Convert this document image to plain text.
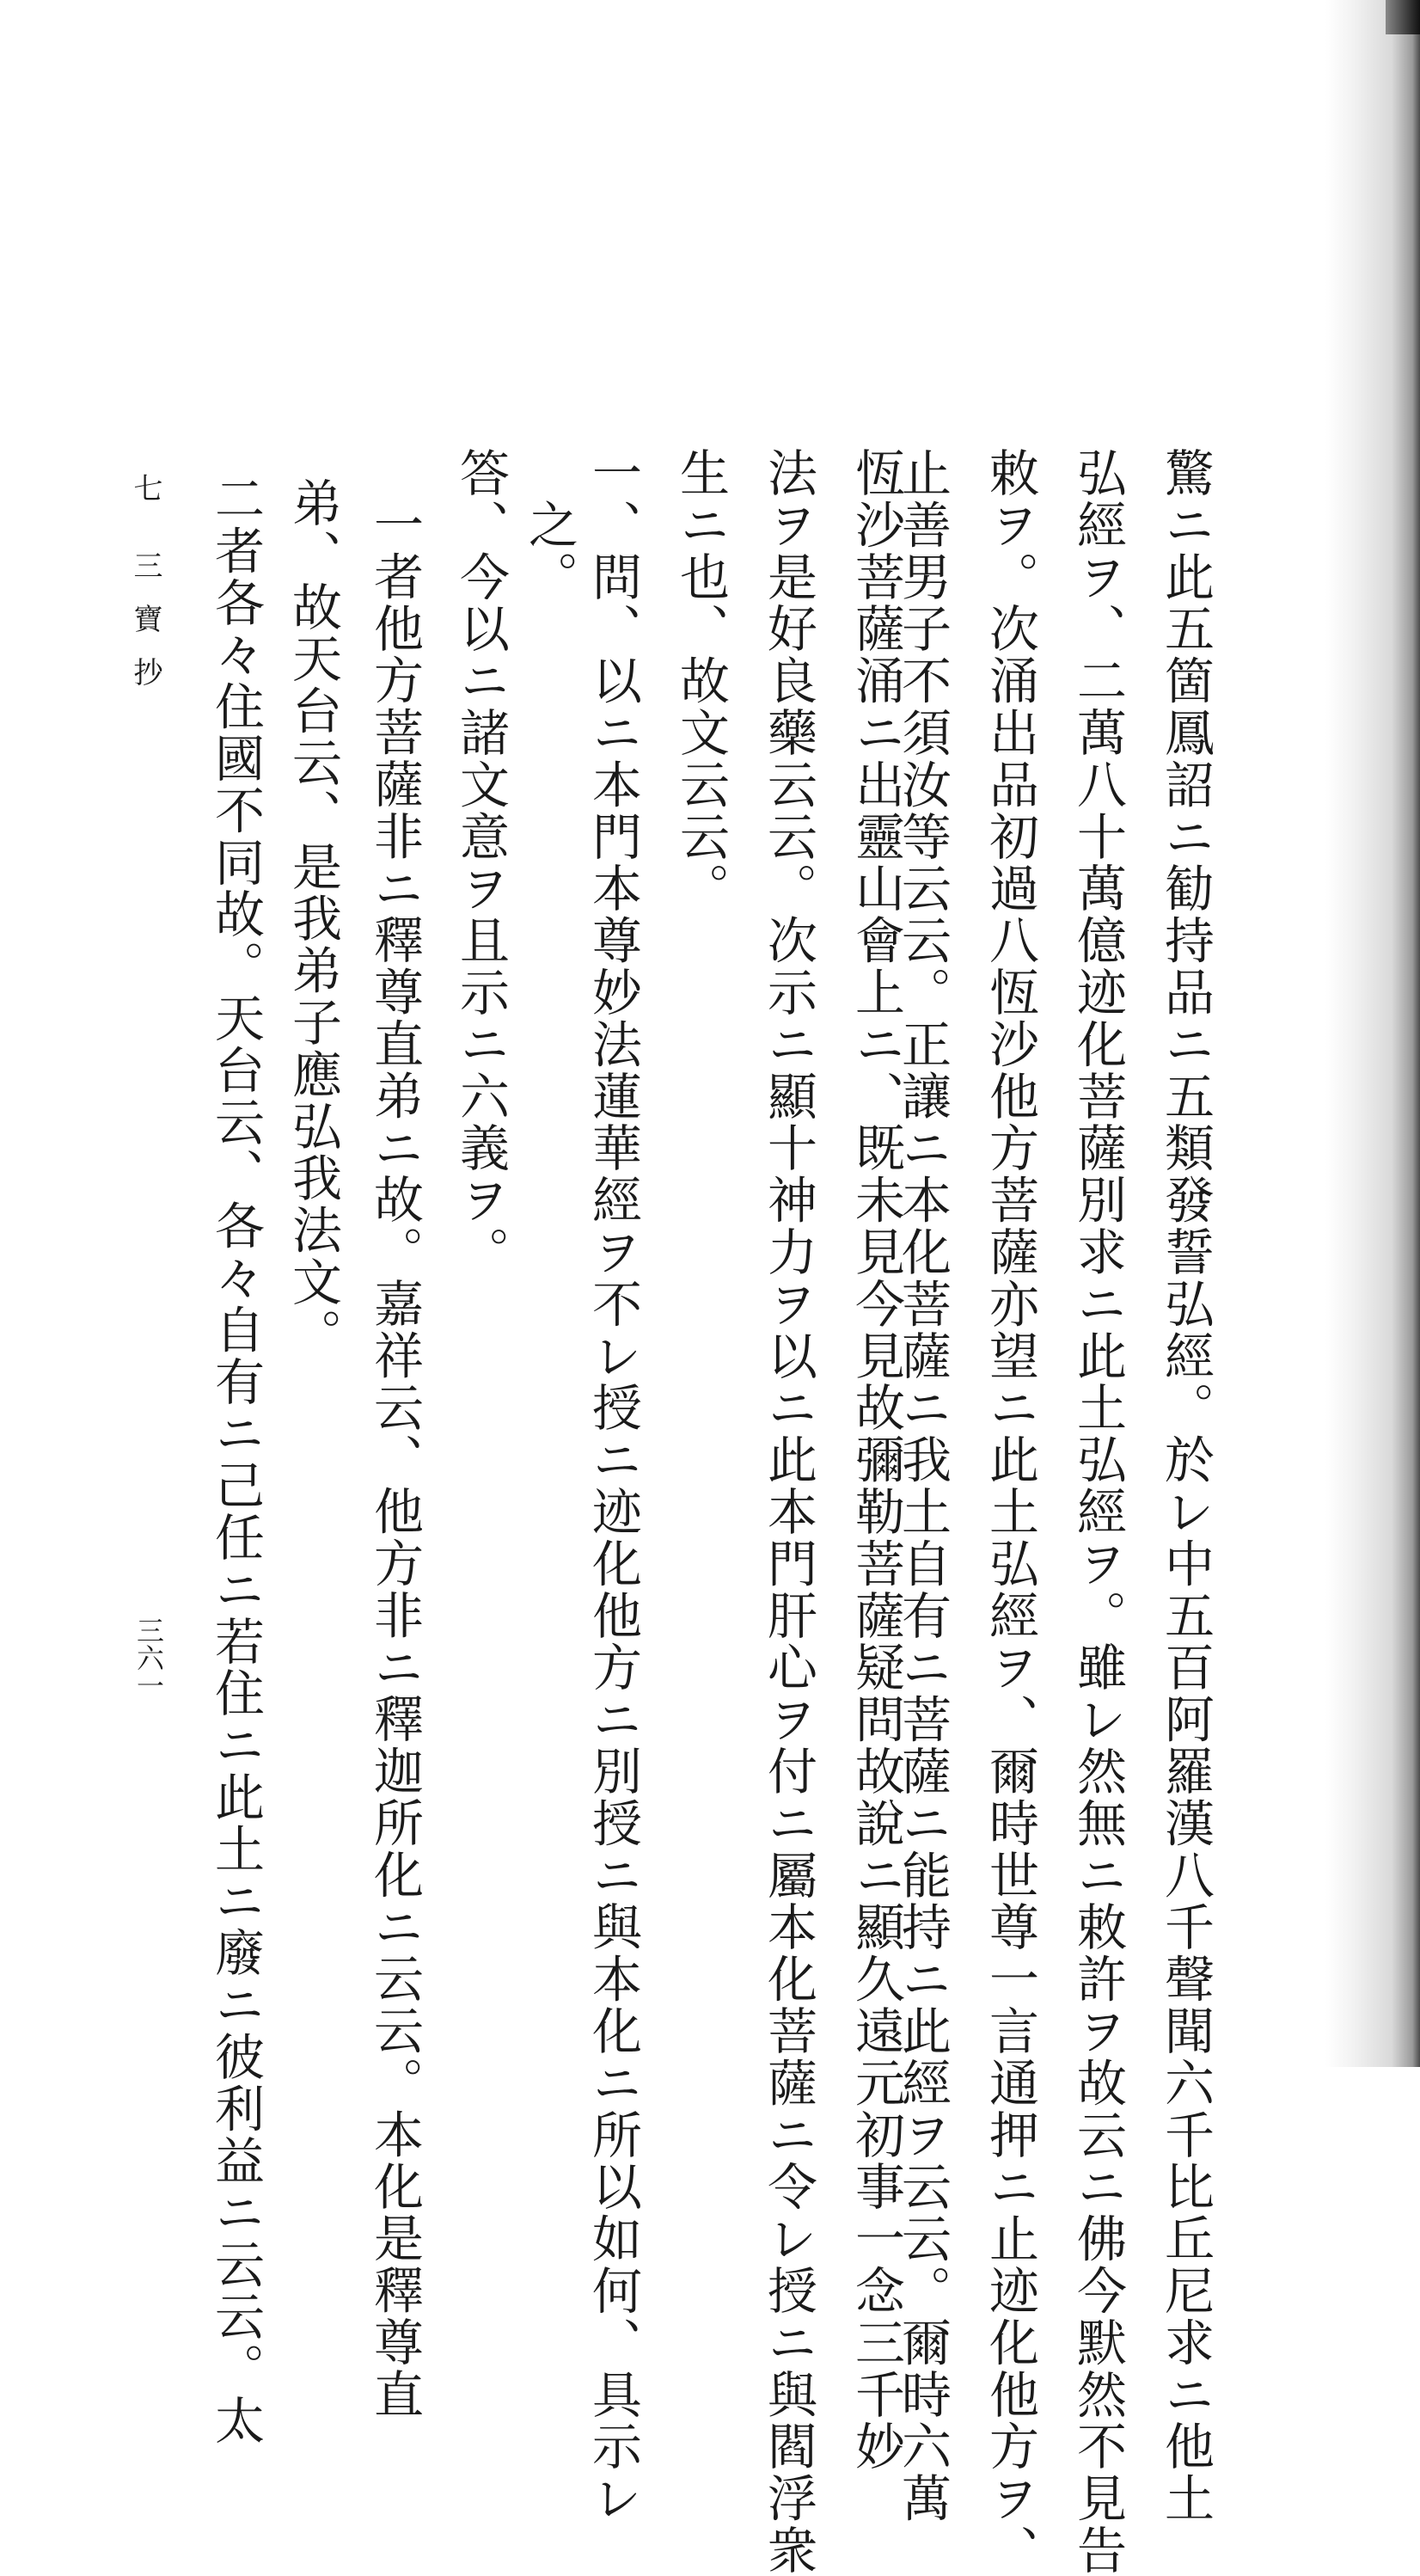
驚ニ此五箇鳳詔ニ勧持品ニ五類發誓弘經。於レ中五百阿羅漢八千聲聞六千比丘尼求ニ他土
弘經ヲ、二萬八十萬億迹化菩薩別求ニ此土弘經ヲ。雖レ然無ニ敕許ヲ故云ニ佛今默然不見告
敕ヲ。次涌出品初過八恆沙他方菩薩亦望ニ此土弘經ヲ、爾時世尊一言通押ニ止迹化他方ヲ、
止善男子不須汝等云云。正讓ニ本化菩薩ニ我土自有ニ菩薩ニ能持ニ此經ヲ云云。爾時六萬
恆沙菩薩涌ニ出靈山會上ニ、既未見今見故彌勒菩薩疑問故說ニ顯久遠元初事一念三千妙
法ヲ是好良藥云云。次示ニ顯十神力ヲ以ニ此本門肝心ヲ付ニ屬本化菩薩ニ令レ授ニ與閻浮衆
生ニ也、故文云云。
一、問、以ニ本門本尊妙法蓮華經ヲ不レ授ニ迹化他方ニ別授ニ與本化ニ所以如何、具示レ
之。
答、今以ニ諸文意ヲ且示ニ六義ヲ。
一者他方菩薩非ニ釋尊直弟ニ故。嘉祥云、他方非ニ釋迦所化ニ云云。本化是釋尊直
弟、故天台云、是我弟子應弘我法文。
二者各々住國不同故。天台云、各々自有ニ己任ニ若住ニ此土ニ廢ニ彼利益ニ云云。太
七
三寶抄
三六一
